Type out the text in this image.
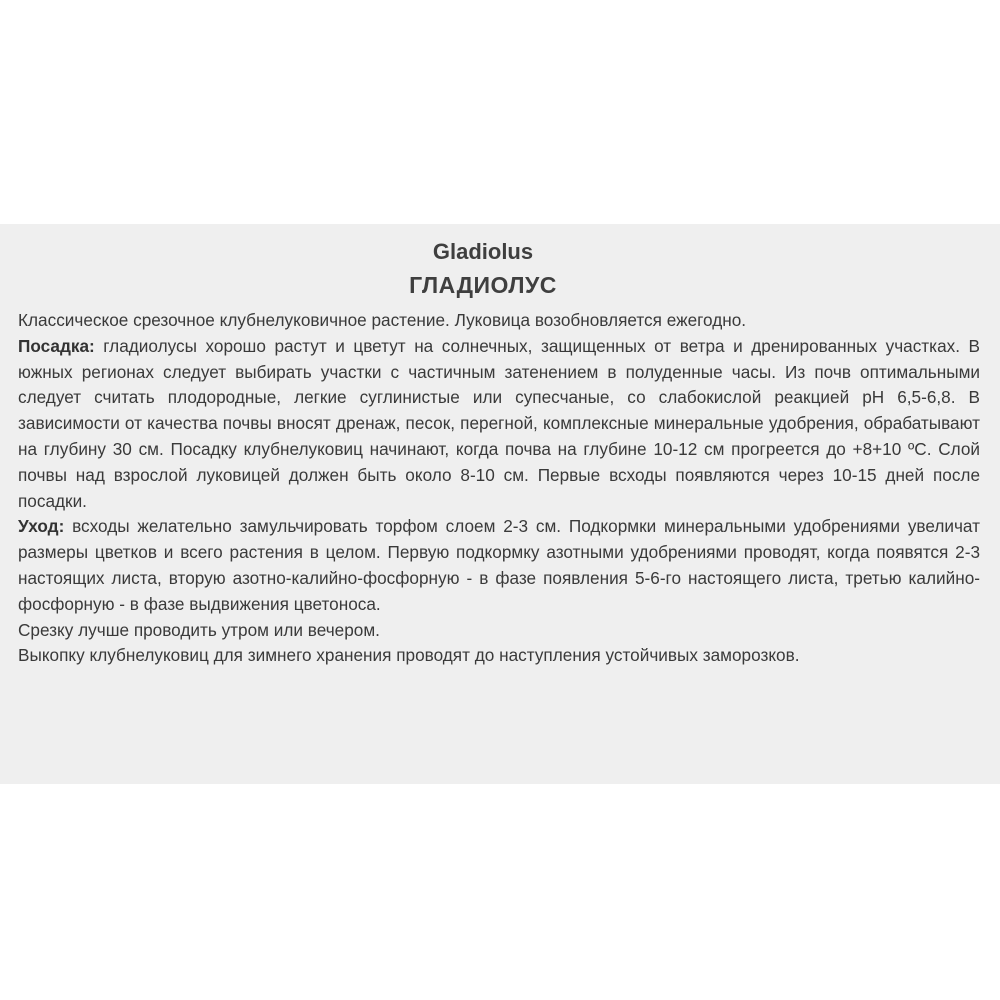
Gladiolus
ГЛАДИОЛУС

Классическое срезочное клубнелуковичное растение. Луковица возобновляется ежегодно.

Посадка: гладиолусы хорошо растут и цветут на солнечных, защищенных от ветра и дренированных участках. В южных регионах следует выбирать участки с частичным затенением в полуденные часы. Из почв оптимальными следует считать плодородные, легкие суглинистые или супесчаные, со слабокислой реакцией pH 6,5-6,8. В зависимости от качества почвы вносят дренаж, песок, перегной, комплексные минеральные удобрения, обрабатывают на глубину 30 см. Посадку клубнелуковиц начинают, когда почва на глубине 10-12 см прогреется до +8+10 ºС. Слой почвы над взрослой луковицей должен быть около 8-10 см. Первые всходы появляются через 10-15 дней после посадки.

Уход: всходы желательно замульчировать торфом слоем 2-3 см. Подкормки минеральными удобрениями увеличат размеры цветков и всего растения в целом. Первую подкормку азотными удобрениями проводят, когда появятся 2-3 настоящих листа, вторую азотно-калийно-фосфорную - в фазе появления 5-6-го настоящего листа, третью калийно-фосфорную - в фазе выдвижения цветоноса.

Срезку лучше проводить утром или вечером.

Выкопку клубнелуковиц для зимнего хранения проводят до наступления устойчивых заморозков.
